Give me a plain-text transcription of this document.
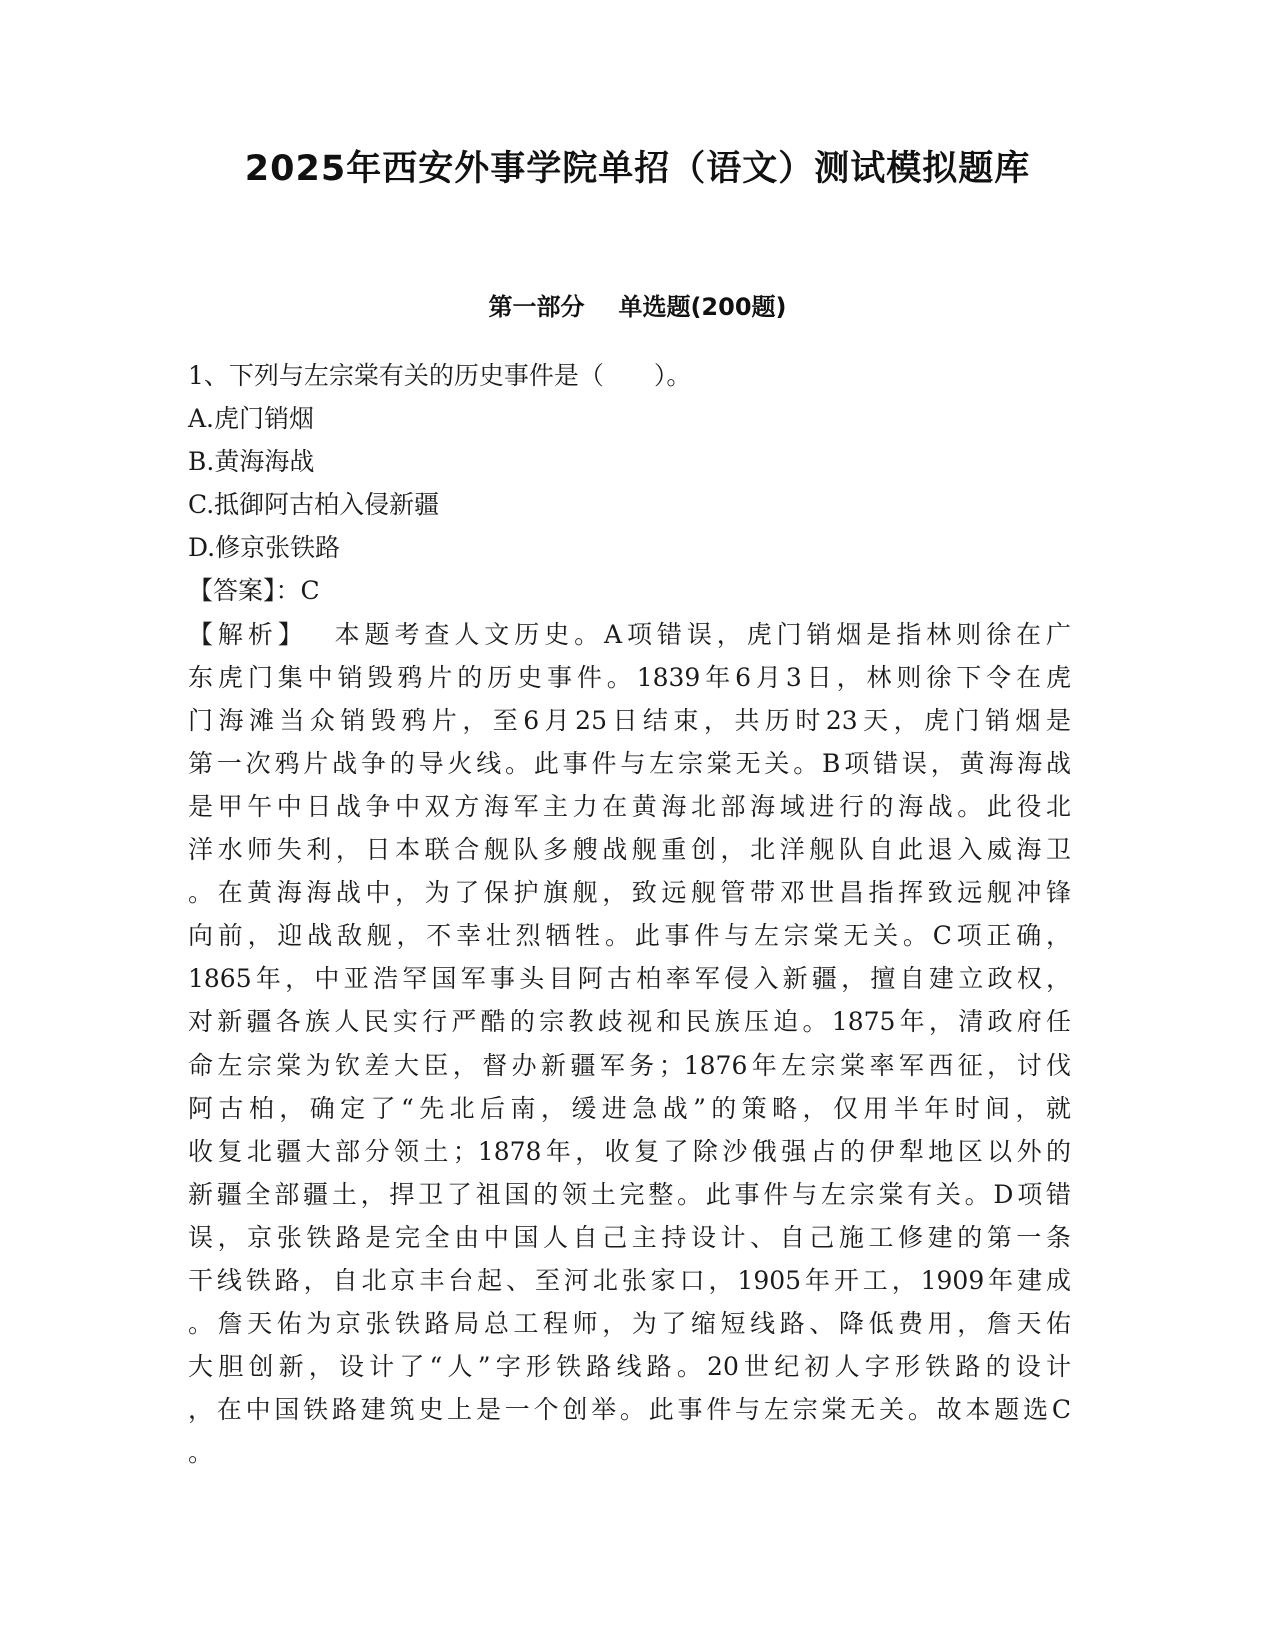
2025年西安外事学院单招（语文）测试模拟题库
第一部分 单选题(200题)
1、下列与左宗棠有关的历史事件是（　　）。
A.虎门销烟
B.黄海海战
C.抵御阿古柏入侵新疆
D.修京张铁路
【答案】：C
【解析】 本题考查人文历史。A项错误，虎门销烟是指林则徐在广
东虎门集中销毁鸦片的历史事件。1839年6月3日，林则徐下令在虎
门海滩当众销毁鸦片，至6月25日结束，共历时23天，虎门销烟是
第一次鸦片战争的导火线。此事件与左宗棠无关。B项错误，黄海海战
是甲午中日战争中双方海军主力在黄海北部海域进行的海战。此役北
洋水师失利，日本联合舰队多艘战舰重创，北洋舰队自此退入威海卫
。在黄海海战中，为了保护旗舰，致远舰管带邓世昌指挥致远舰冲锋
向前，迎战敌舰，不幸壮烈牺牲。此事件与左宗棠无关。C项正确，
1865年，中亚浩罕国军事头目阿古柏率军侵入新疆，擅自建立政权，
对新疆各族人民实行严酷的宗教歧视和民族压迫。1875年，清政府任
命左宗棠为钦差大臣，督办新疆军务；1876年左宗棠率军西征，讨伐
阿古柏，确定了“先北后南，缓进急战”的策略，仅用半年时间，就
收复北疆大部分领土；1878年，收复了除沙俄强占的伊犁地区以外的
新疆全部疆土，捍卫了祖国的领土完整。此事件与左宗棠有关。D项错
误，京张铁路是完全由中国人自己主持设计、自己施工修建的第一条
干线铁路，自北京丰台起、至河北张家口，1905年开工，1909年建成
。詹天佑为京张铁路局总工程师，为了缩短线路、降低费用，詹天佑
大胆创新，设计了“人”字形铁路线路。20世纪初人字形铁路的设计
，在中国铁路建筑史上是一个创举。此事件与左宗棠无关。故本题选C
。
